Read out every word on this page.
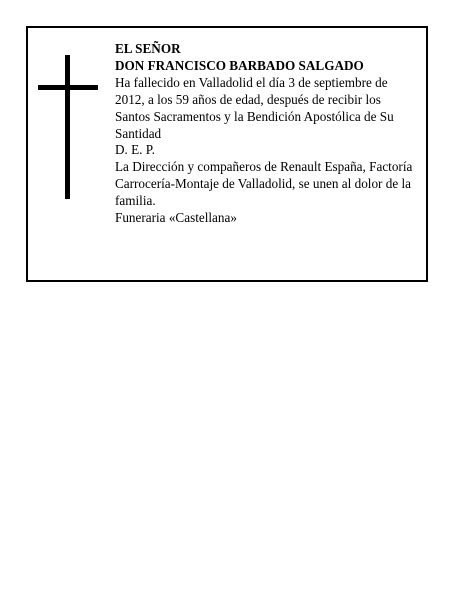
EL SEÑOR

DON FRANCISCO BARBADO SALGADO

Ha fallecido en Valladolid el día 3 de septiembre de 2012, a los 59 años de edad, después de recibir los Santos Sacramentos y la Bendición Apostólica de Su Santidad

D. E. P.

La Dirección y compañeros de Renault España, Factoría Carrocería-Montaje de Valladolid, se unen al dolor de la familia.

Funeraria «Castellana»
